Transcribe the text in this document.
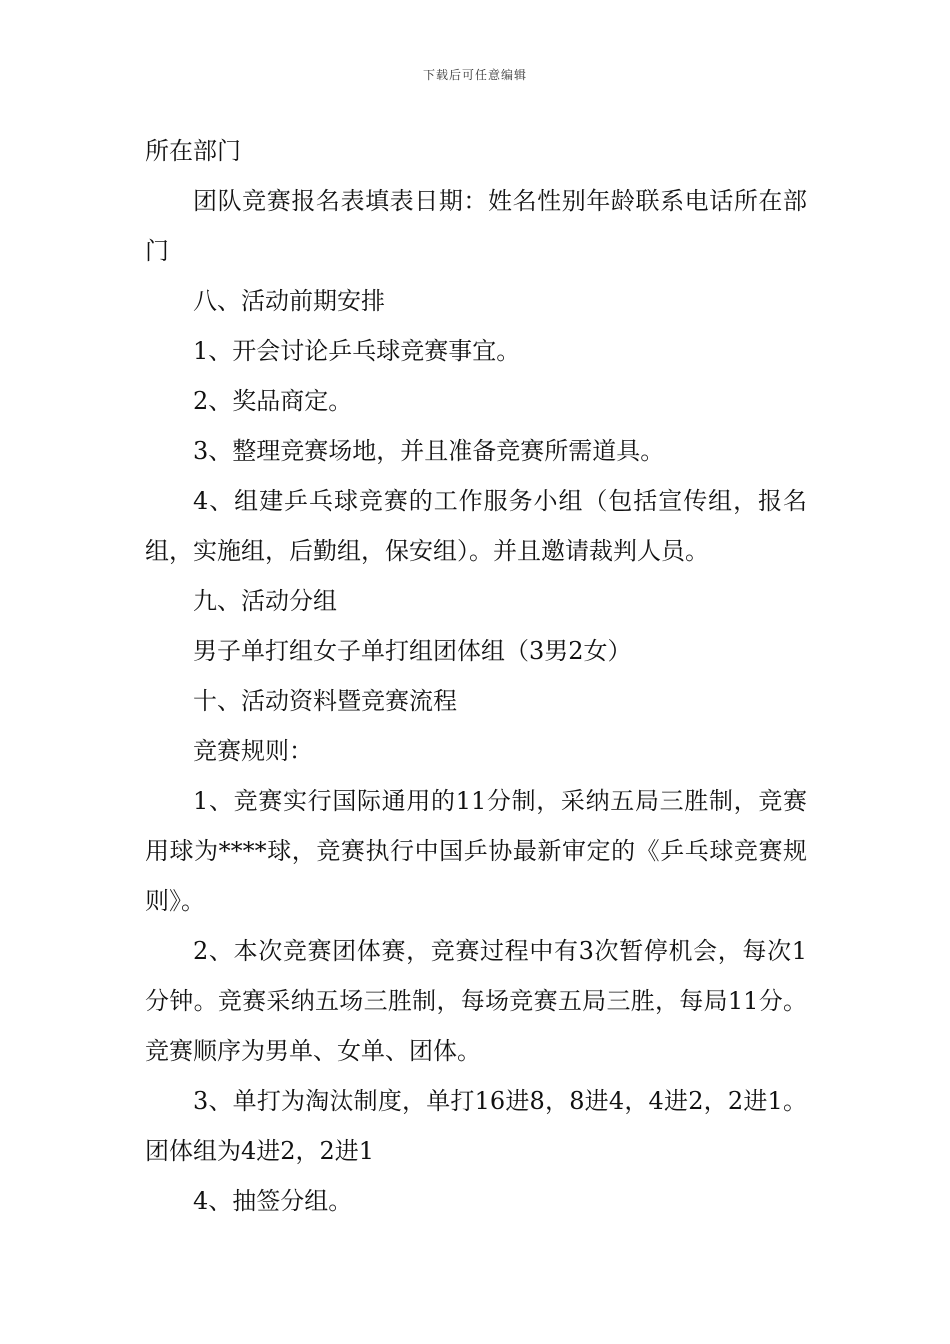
下载后可任意编辑

所在部门

团队竞赛报名表填表日期：姓名性别年龄联系电话所在部门

八、活动前期安排

1、开会讨论乒乓球竞赛事宜。

2、奖品商定。

3、整理竞赛场地，并且准备竞赛所需道具。

4、组建乒乓球竞赛的工作服务小组（包括宣传组，报名组，实施组，后勤组，保安组）。并且邀请裁判人员。

九、活动分组

男子单打组女子单打组团体组（3男2女）

十、活动资料暨竞赛流程

竞赛规则：

1、竞赛实行国际通用的11分制，采纳五局三胜制，竞赛用球为****球，竞赛执行中国乒协最新审定的《乒乓球竞赛规则》。

2、本次竞赛团体赛，竞赛过程中有3次暂停机会，每次1分钟。竞赛采纳五场三胜制，每场竞赛五局三胜，每局11分。竞赛顺序为男单、女单、团体。

3、单打为淘汰制度，单打16进8，8进4，4进2，2进1。团体组为4进2，2进1

4、抽签分组。
